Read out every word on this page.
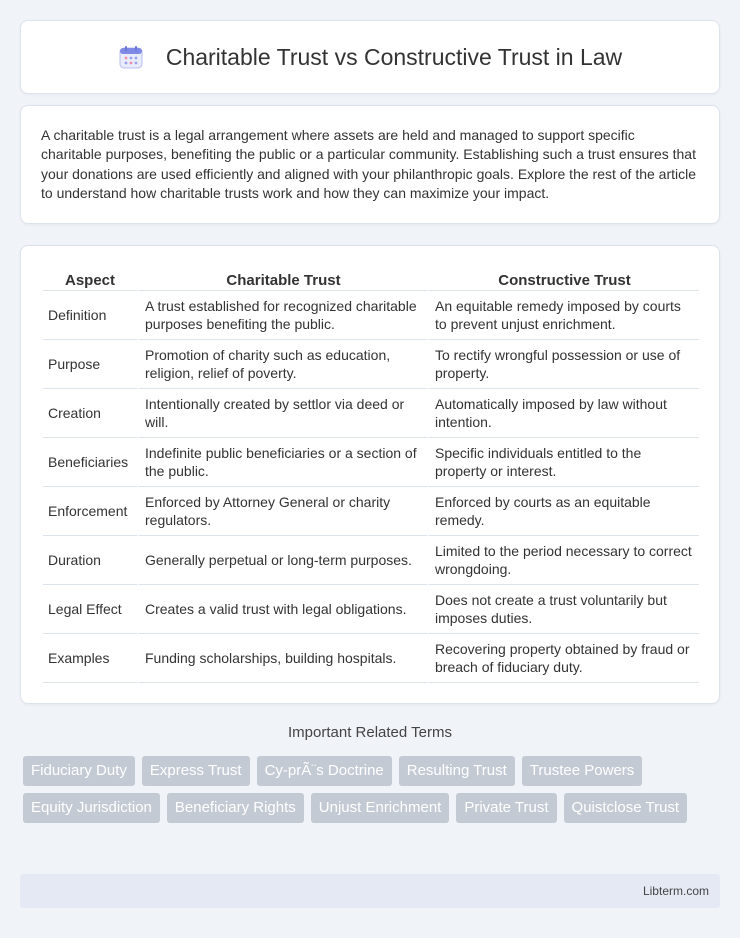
Charitable Trust vs Constructive Trust in Law

A charitable trust is a legal arrangement where assets are held and managed to support specific charitable purposes, benefiting the public or a particular community. Establishing such a trust ensures that your donations are used efficiently and aligned with your philanthropic goals. Explore the rest of the article to understand how charitable trusts work and how they can maximize your impact.

Aspect	Charitable Trust	Constructive Trust
Definition	A trust established for recognized charitable purposes benefiting the public.	An equitable remedy imposed by courts to prevent unjust enrichment.
Purpose	Promotion of charity such as education, religion, relief of poverty.	To rectify wrongful possession or use of property.
Creation	Intentionally created by settlor via deed or will.	Automatically imposed by law without intention.
Beneficiaries	Indefinite public beneficiaries or a section of the public.	Specific individuals entitled to the property or interest.
Enforcement	Enforced by Attorney General or charity regulators.	Enforced by courts as an equitable remedy.
Duration	Generally perpetual or long-term purposes.	Limited to the period necessary to correct wrongdoing.
Legal Effect	Creates a valid trust with legal obligations.	Does not create a trust voluntarily but imposes duties.
Examples	Funding scholarships, building hospitals.	Recovering property obtained by fraud or breach of fiduciary duty.
Important Related Terms
Fiduciary Duty	Express Trust	Cy-prÃ¨s Doctrine	Resulting Trust	Trustee Powers
Equity Jurisdiction	Beneficiary Rights	Unjust Enrichment	Private Trust	Quistclose Trust
Libterm.com
